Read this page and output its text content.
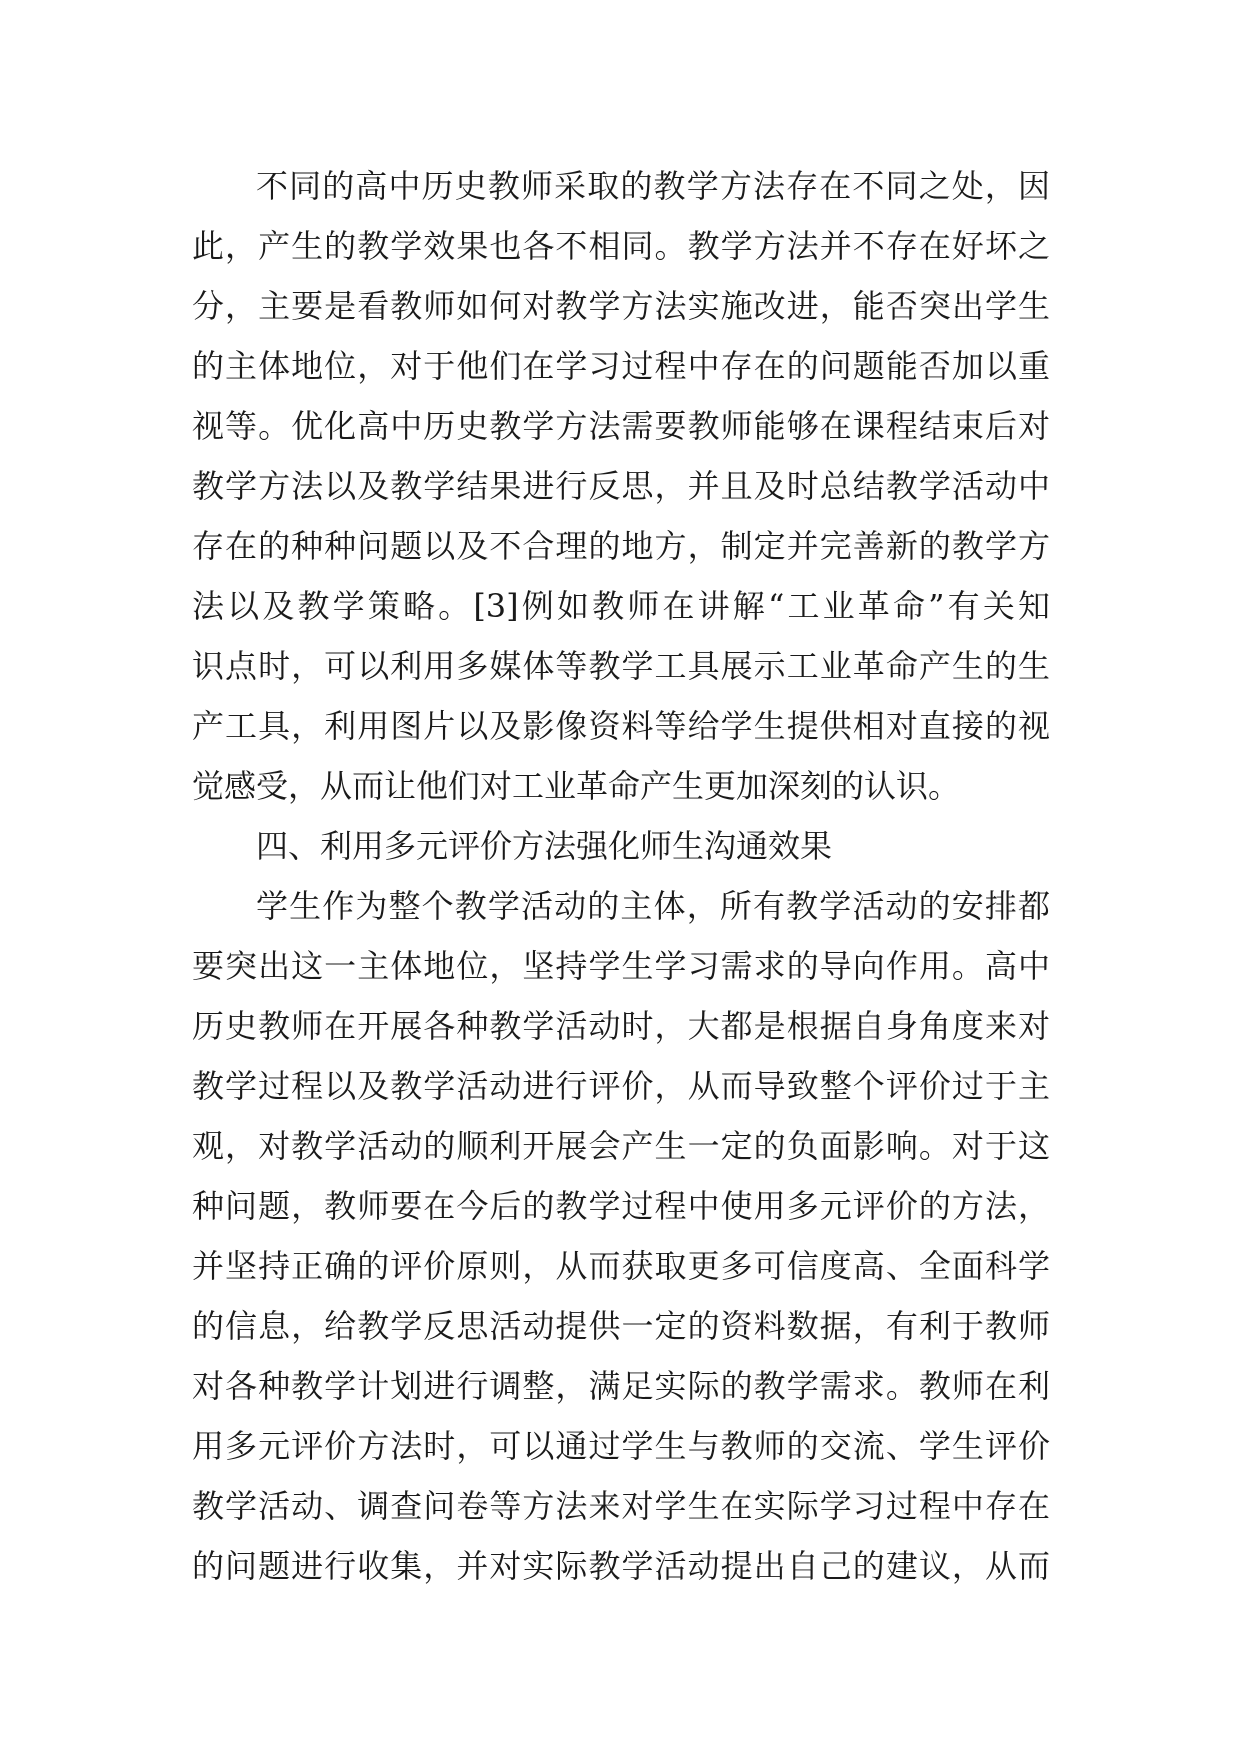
不同的高中历史教师采取的教学方法存在不同之处，因
此，产生的教学效果也各不相同。教学方法并不存在好坏之
分，主要是看教师如何对教学方法实施改进，能否突出学生
的主体地位，对于他们在学习过程中存在的问题能否加以重
视等。优化高中历史教学方法需要教师能够在课程结束后对
教学方法以及教学结果进行反思，并且及时总结教学活动中
存在的种种问题以及不合理的地方，制定并完善新的教学方
法以及教学策略。[3]例如教师在讲解“工业革命”有关知
识点时，可以利用多媒体等教学工具展示工业革命产生的生
产工具，利用图片以及影像资料等给学生提供相对直接的视
觉感受，从而让他们对工业革命产生更加深刻的认识。
四、利用多元评价方法强化师生沟通效果
学生作为整个教学活动的主体，所有教学活动的安排都
要突出这一主体地位，坚持学生学习需求的导向作用。高中
历史教师在开展各种教学活动时，大都是根据自身角度来对
教学过程以及教学活动进行评价，从而导致整个评价过于主
观，对教学活动的顺利开展会产生一定的负面影响。对于这
种问题，教师要在今后的教学过程中使用多元评价的方法，
并坚持正确的评价原则，从而获取更多可信度高、全面科学
的信息，给教学反思活动提供一定的资料数据，有利于教师
对各种教学计划进行调整，满足实际的教学需求。教师在利
用多元评价方法时，可以通过学生与教师的交流、学生评价
教学活动、调查问卷等方法来对学生在实际学习过程中存在
的问题进行收集，并对实际教学活动提出自己的建议，从而
